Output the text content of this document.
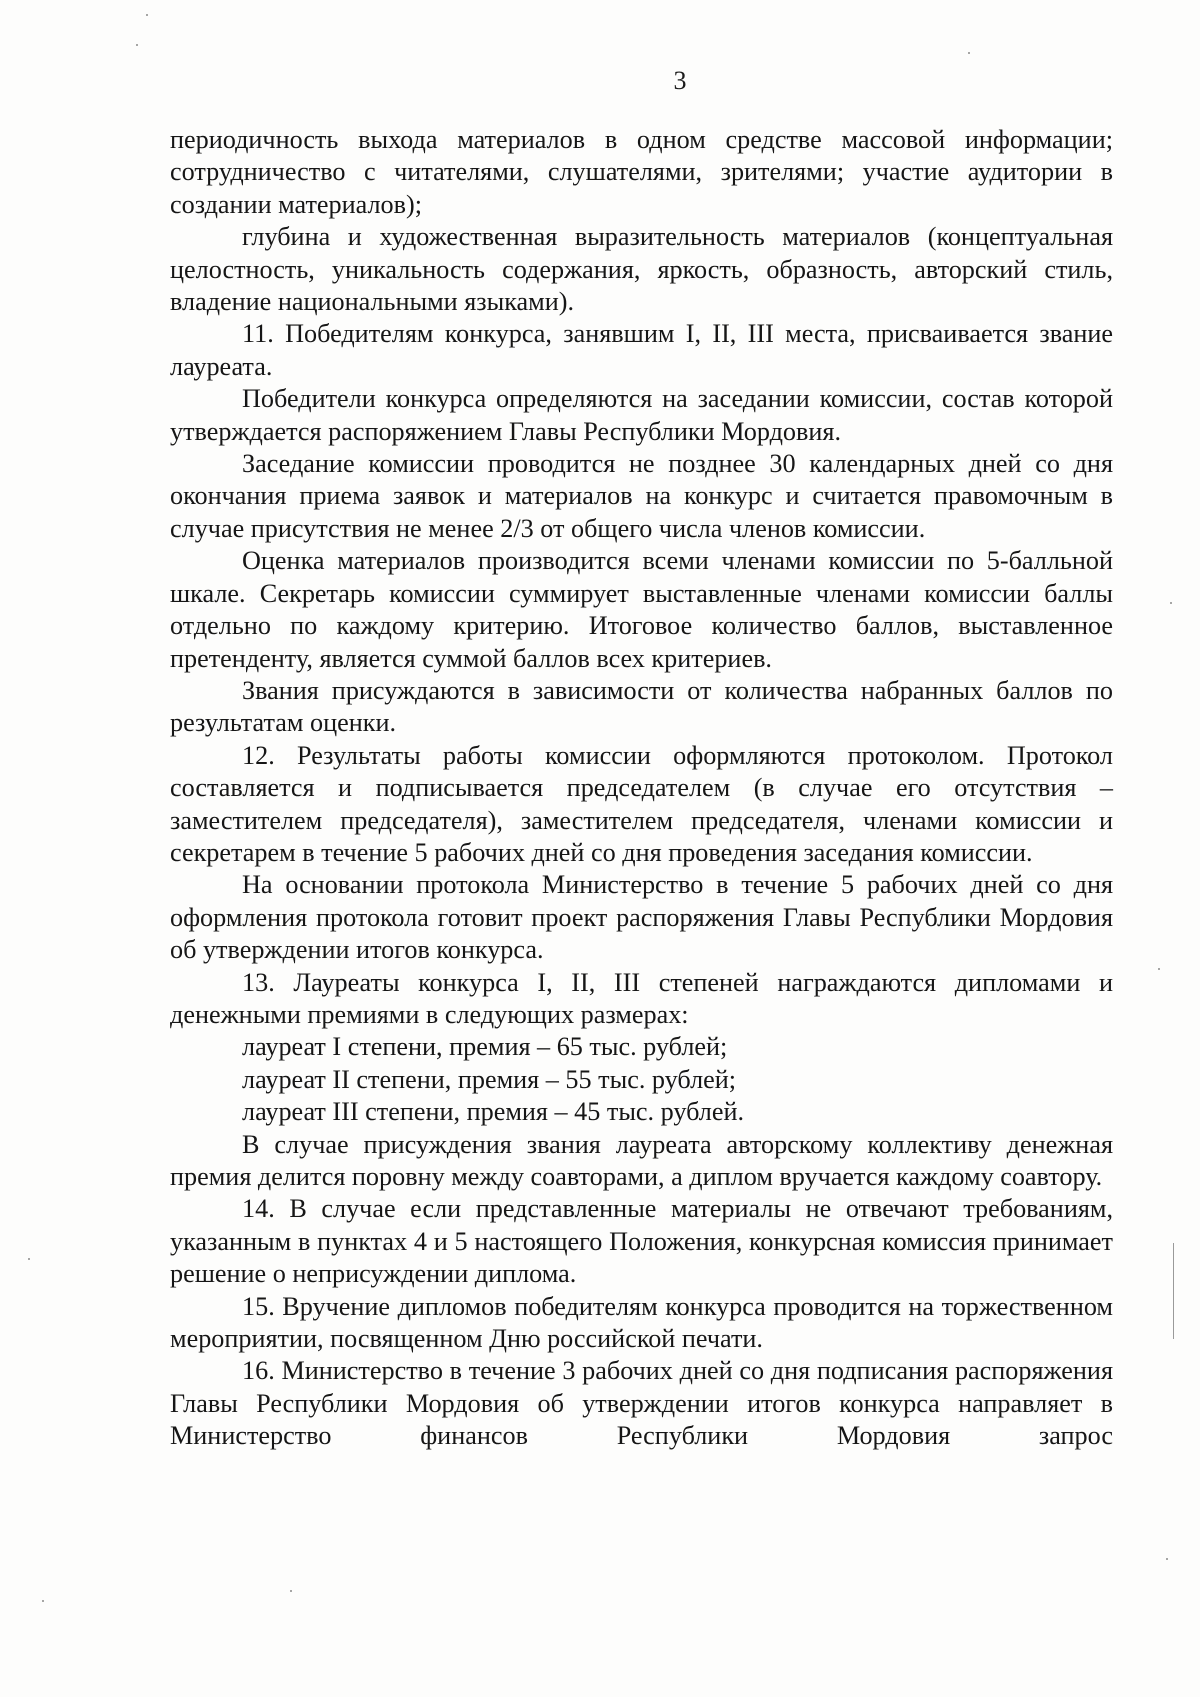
3

периодичность выхода материалов в одном средстве массовой информации; сотрудничество с читателями, слушателями, зрителями; участие аудитории в создании материалов);

глубина и художественная выразительность материалов (концептуальная целостность, уникальность содержания, яркость, образность, авторский стиль, владение национальными языками).

11. Победителям конкурса, занявшим I, II, III места, присваивается звание лауреата.

Победители конкурса определяются на заседании комиссии, состав которой утверждается распоряжением Главы Республики Мордовия.

Заседание комиссии проводится не позднее 30 календарных дней со дня окончания приема заявок и материалов на конкурс и считается правомочным в случае присутствия не менее 2/3 от общего числа членов комиссии.

Оценка материалов производится всеми членами комиссии по 5-балльной шкале. Секретарь комиссии суммирует выставленные членами комиссии баллы отдельно по каждому критерию. Итоговое количество баллов, выставленное претенденту, является суммой баллов всех критериев.

Звания присуждаются в зависимости от количества набранных баллов по результатам оценки.

12. Результаты работы комиссии оформляются протоколом. Протокол составляется и подписывается председателем (в случае его отсутствия – заместителем председателя), заместителем председателя, членами комиссии и секретарем в течение 5 рабочих дней со дня проведения заседания комиссии.

На основании протокола Министерство в течение 5 рабочих дней со дня оформления протокола готовит проект распоряжения Главы Республики Мордовия об утверждении итогов конкурса.

13. Лауреаты конкурса I, II, III степеней награждаются дипломами и денежными премиями в следующих размерах:

лауреат I степени, премия – 65 тыс. рублей;

лауреат II степени, премия – 55 тыс. рублей;

лауреат III степени, премия – 45 тыс. рублей.

В случае присуждения звания лауреата авторскому коллективу денежная премия делится поровну между соавторами, а диплом вручается каждому соавтору.

14. В случае если представленные материалы не отвечают требованиям, указанным в пунктах 4 и 5 настоящего Положения, конкурсная комиссия принимает решение о неприсуждении диплома.

15. Вручение дипломов победителям конкурса проводится на торжественном мероприятии, посвященном Дню российской печати.

16. Министерство в течение 3 рабочих дней со дня подписания распоряжения Главы Республики Мордовия об утверждении итогов конкурса направляет в Министерство финансов Республики Мордовия запрос
